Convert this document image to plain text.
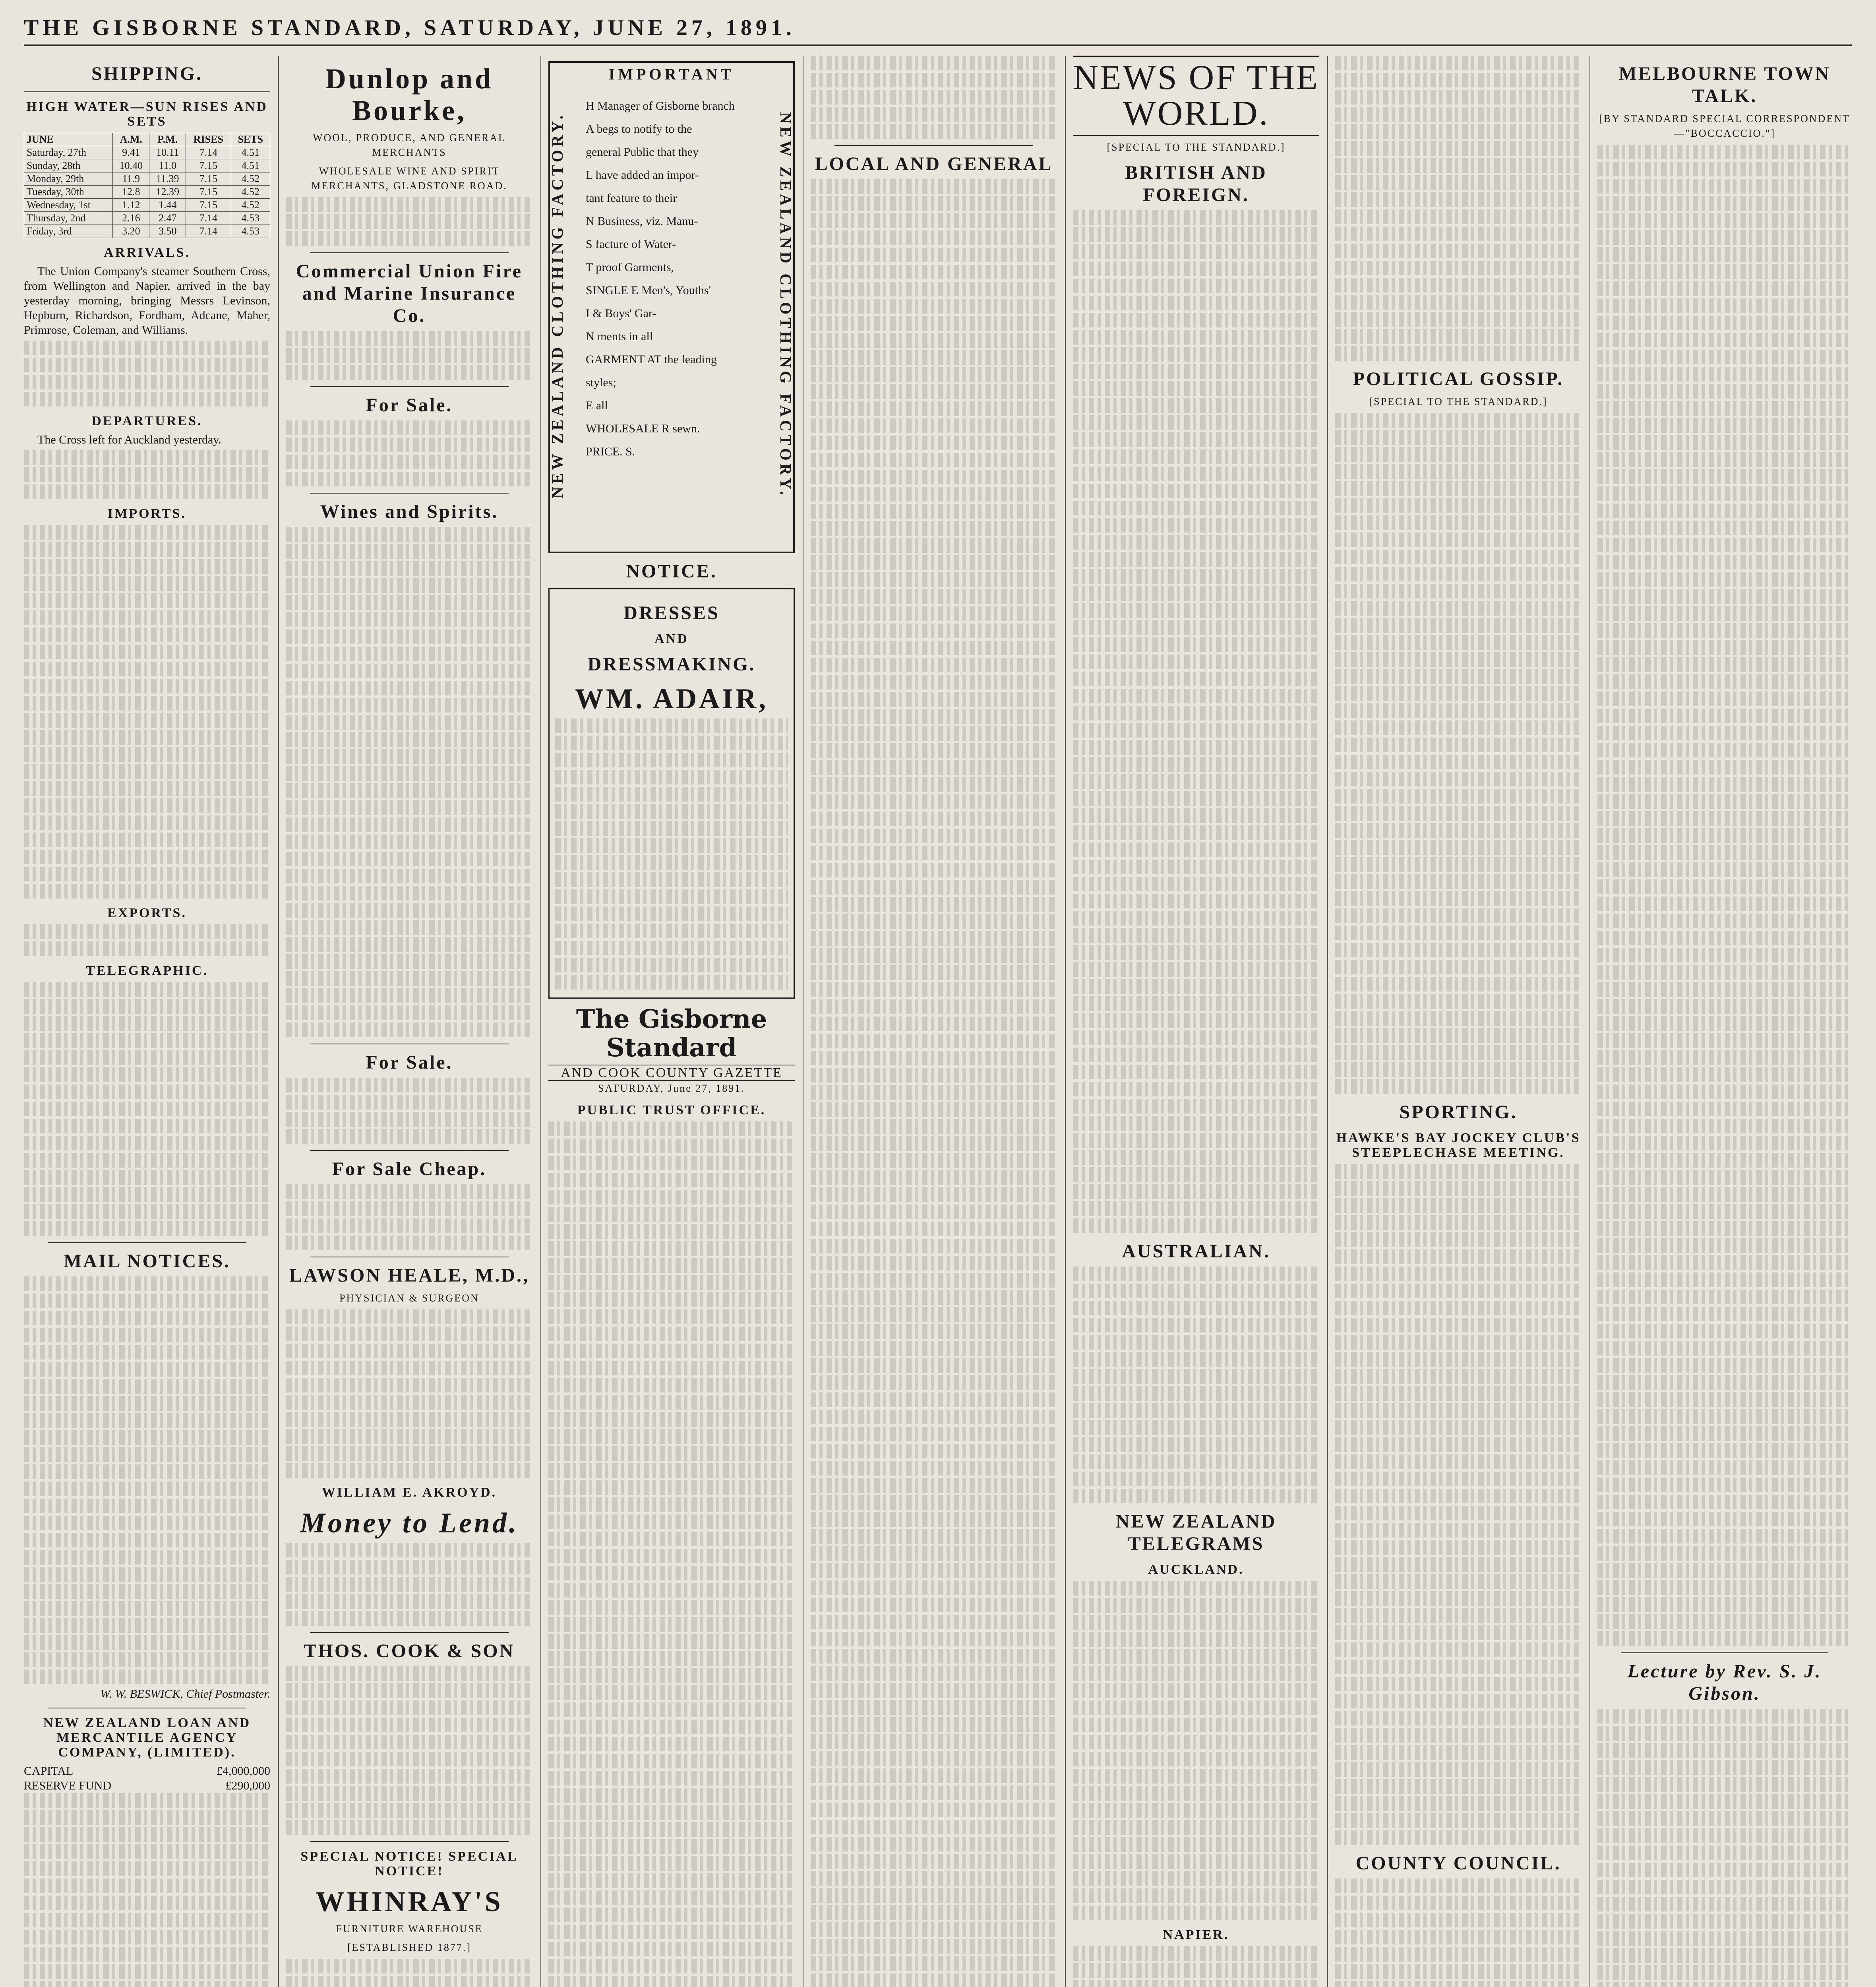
THE GISBORNE STANDARD, SATURDAY, JUNE 27, 1891.
SHIPPING.
HIGH WATER—SUN RISES AND SETS
JUNE	A.M.	P.M.	RISES	SETS
Saturday, 27th	9.41	10.11	7.14	4.51
Sunday, 28th	10.40	11.0	7.15	4.51
Monday, 29th	11.9	11.39	7.15	4.52
Tuesday, 30th	12.8	12.39	7.15	4.52
Wednesday, 1st	1.12	1.44	7.15	4.52
Thursday, 2nd	2.16	2.47	7.14	4.53
Friday, 3rd	3.20	3.50	7.14	4.53
ARRIVALS.

The Union Company's steamer Southern Cross, from Wellington and Napier, arrived in the bay yesterday morning, bringing Messrs Levinson, Hepburn, Richardson, Fordham, Adcane, Maher, Primrose, Coleman, and Williams.

DEPARTURES.

The Cross left for Auckland yesterday.

IMPORTS.
EXPORTS.
TELEGRAPHIC.
MAIL NOTICES.
W. W. BESWICK, Chief Postmaster.
NEW ZEALAND LOAN AND MERCANTILE AGENCY COMPANY, (LIMITED).
CAPITAL	£4,000,000
RESERVE FUND	£290,000

Dunlop and Bourke,
WOOL, PRODUCE, AND GENERAL MERCHANTS
WHOLESALE WINE AND SPIRIT MERCHANTS, GLADSTONE ROAD.
Commercial Union Fire and Marine Insurance Co.
For Sale.
Wines and Spirits.
For Sale.
For Sale Cheap.
LAWSON HEALE, M.D.,
PHYSICIAN & SURGEON
WILLIAM E. AKROYD.
Money to Lend.
THOS. COOK & SON
SPECIAL NOTICE! SPECIAL NOTICE!
WHINRAY'S
FURNITURE WAREHOUSE
[ESTABLISHED 1877.]
IMPORTANT
NEW ZEALAND CLOTHING FACTORY.	NEW ZEALAND CLOTHING FACTORY.
H Manager of Gisborne branch
A begs to notify to the
general Public that they
L have added an impor-
tant feature to their
N Business, viz. Manu-
S facture of Water-
T proof Garments,
SINGLE E Men's, Youths'
I & Boys' Gar-
N ments in all
GARMENT AT the leading
styles;
E all
WHOLESALE R sewn.
PRICE. S.
NOTICE.
DRESSES
AND
DRESSMAKING.
WM. ADAIR,
The Gisborne Standard
AND COOK COUNTY GAZETTE
SATURDAY, June 27, 1891.
PUBLIC TRUST OFFICE.
LOCAL AND GENERAL
NEWS OF THE WORLD.
[SPECIAL TO THE STANDARD.]
BRITISH AND FOREIGN.
AUSTRALIAN.
NEW ZEALAND TELEGRAMS
AUCKLAND.
NAPIER.
POLITICAL GOSSIP.
[SPECIAL TO THE STANDARD.]
SPORTING.
HAWKE'S BAY JOCKEY CLUB'S STEEPLECHASE MEETING.
COUNTY COUNCIL.
MELBOURNE TOWN TALK.
[BY STANDARD SPECIAL CORRESPONDENT—"BOCCACCIO."]
Lecture by Rev. S. J. Gibson.
